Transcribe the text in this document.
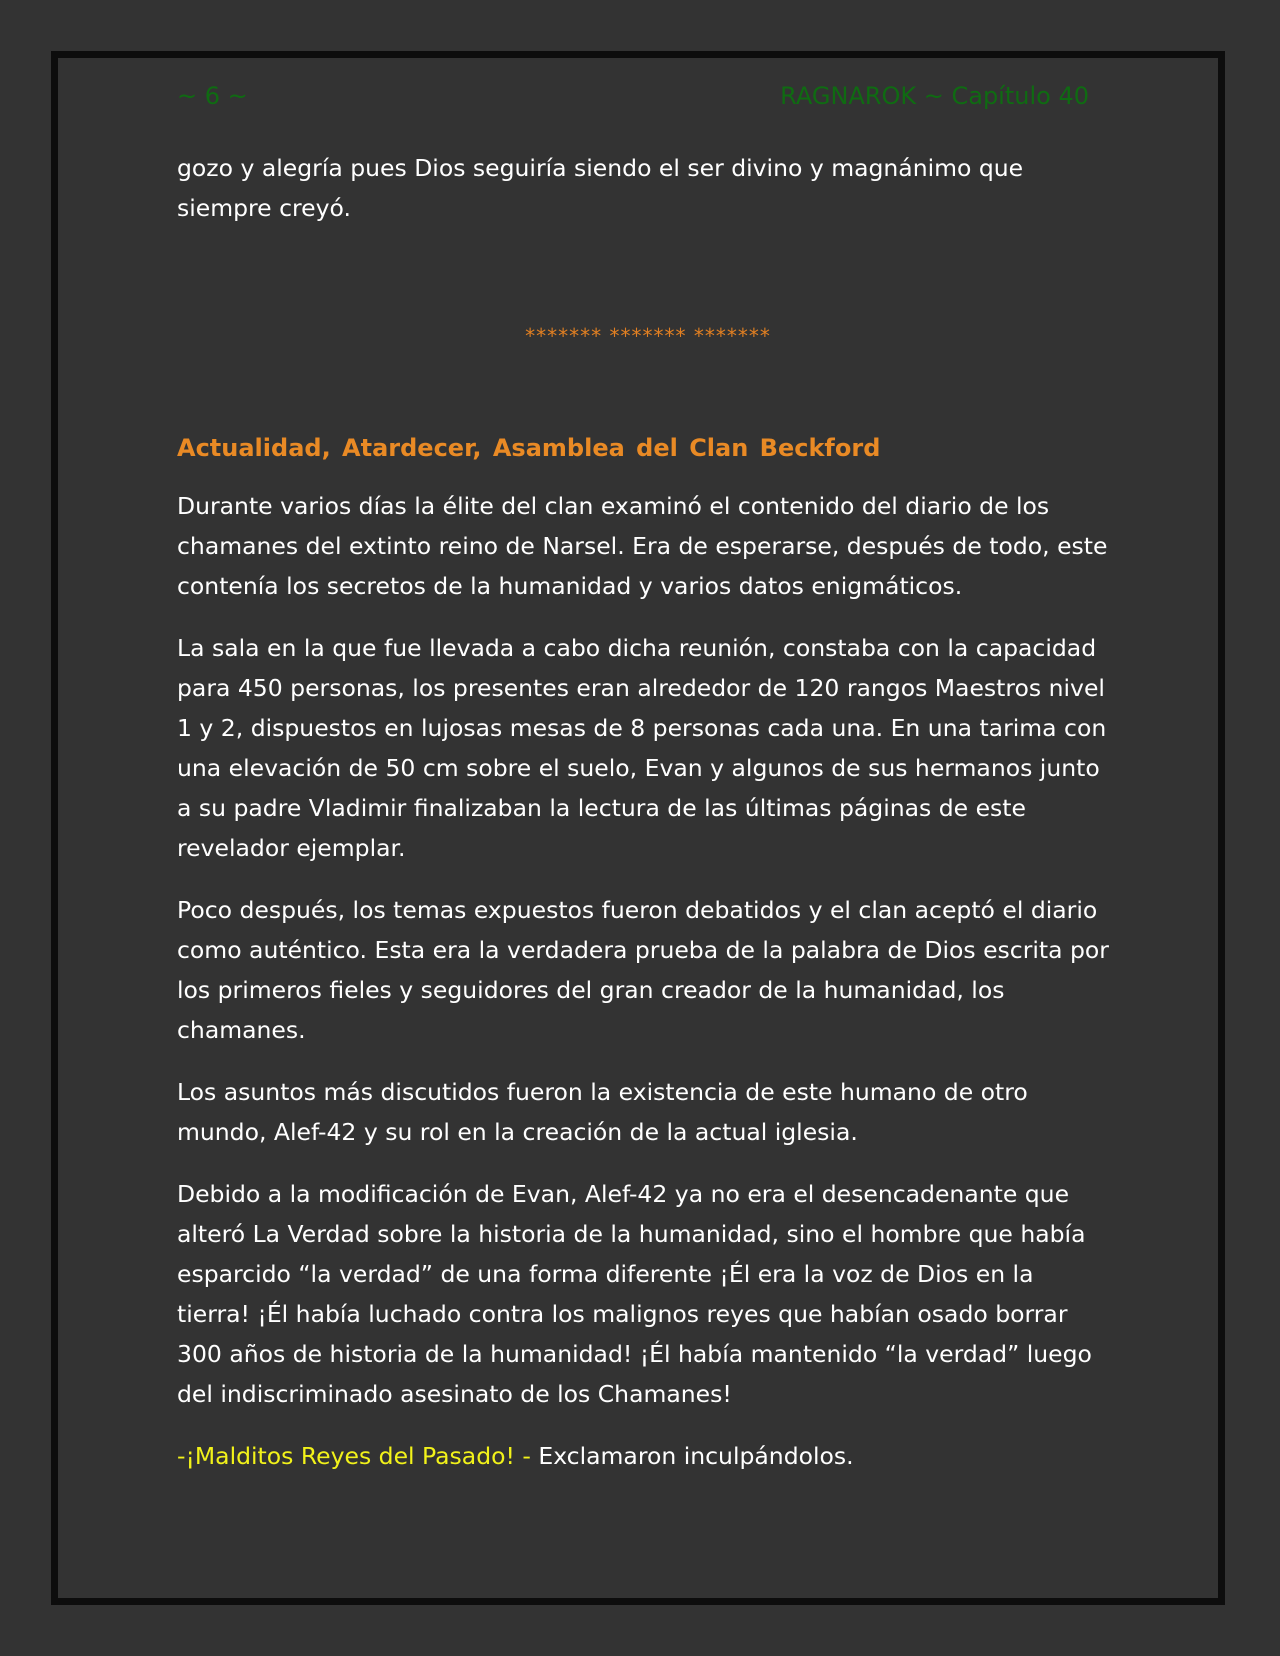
~ 6 ~	RAGNAROK ~ Capítulo 40

gozo y alegría pues Dios seguiría siendo el ser divino y magnánimo que siempre creyó.

******* ******* *******
Actualidad, Atardecer, Asamblea del Clan Beckford

Durante varios días la élite del clan examinó el contenido del diario de los chamanes del extinto reino de Narsel. Era de esperarse, después de todo, este contenía los secretos de la humanidad y varios datos enigmáticos.

La sala en la que fue llevada a cabo dicha reunión, constaba con la capacidad para 450 personas, los presentes eran alrededor de 120 rangos Maestros nivel 1 y 2, dispuestos en lujosas mesas de 8 personas cada una. En una tarima con una elevación de 50 cm sobre el suelo, Evan y algunos de sus hermanos junto a su padre Vladimir finalizaban la lectura de las últimas páginas de este revelador ejemplar.

Poco después, los temas expuestos fueron debatidos y el clan aceptó el diario como auténtico. Esta era la verdadera prueba de la palabra de Dios escrita por los primeros fieles y seguidores del gran creador de la humanidad, los chamanes.

Los asuntos más discutidos fueron la existencia de este humano de otro mundo, Alef-42 y su rol en la creación de la actual iglesia.

Debido a la modificación de Evan, Alef-42 ya no era el desencadenante que alteró La Verdad sobre la historia de la humanidad, sino el hombre que había esparcido “la verdad” de una forma diferente ¡Él era la voz de Dios en la tierra! ¡Él había luchado contra los malignos reyes que habían osado borrar 300 años de historia de la humanidad! ¡Él había mantenido “la verdad” luego del indiscriminado asesinato de los Chamanes!

-¡Malditos Reyes del Pasado! - Exclamaron inculpándolos.
